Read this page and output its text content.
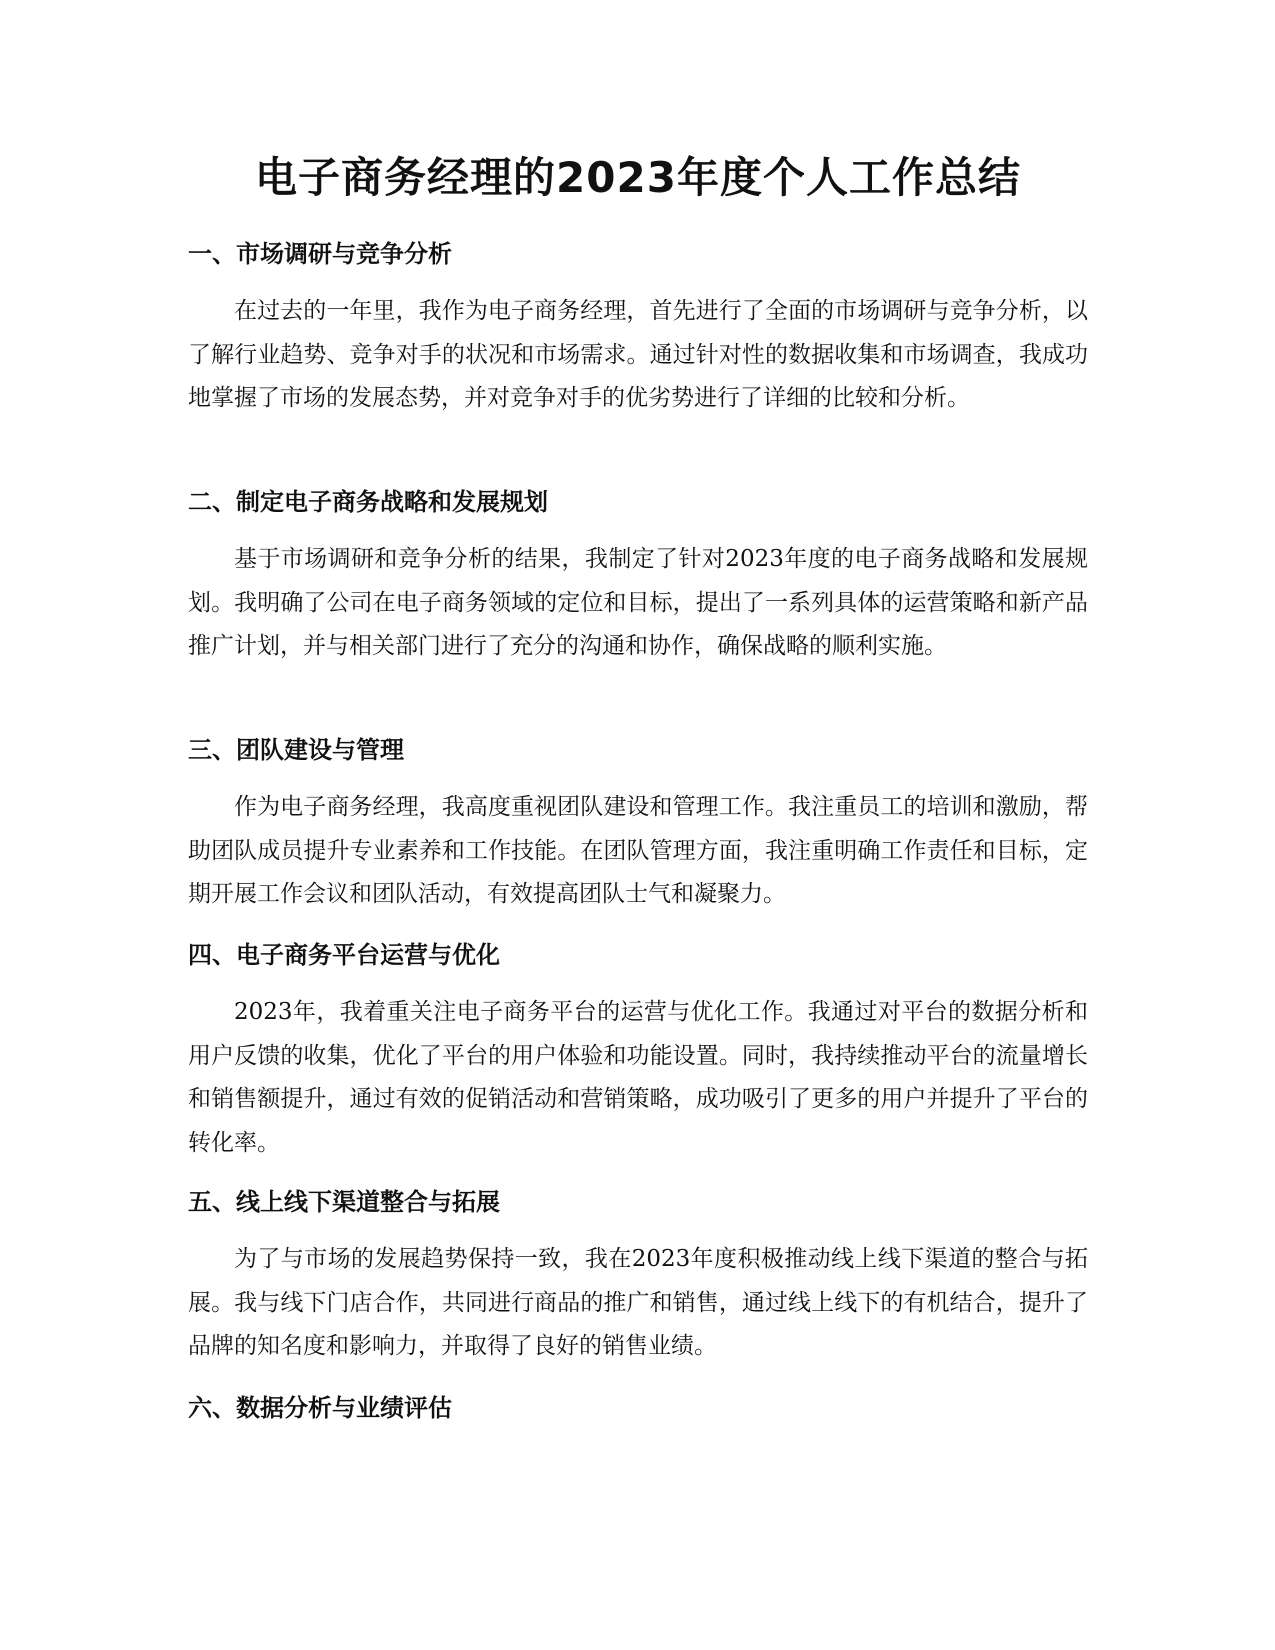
电子商务经理的2023年度个人工作总结
一、市场调研与竞争分析

在过去的一年里，我作为电子商务经理，首先进行了全面的市场调研与竞争分析，以了解行业趋势、竞争对手的状况和市场需求。通过针对性的数据收集和市场调查，我成功地掌握了市场的发展态势，并对竞争对手的优劣势进行了详细的比较和分析。

二、制定电子商务战略和发展规划

基于市场调研和竞争分析的结果，我制定了针对2023年度的电子商务战略和发展规划。我明确了公司在电子商务领域的定位和目标，提出了一系列具体的运营策略和新产品推广计划，并与相关部门进行了充分的沟通和协作，确保战略的顺利实施。

三、团队建设与管理

作为电子商务经理，我高度重视团队建设和管理工作。我注重员工的培训和激励，帮助团队成员提升专业素养和工作技能。在团队管理方面，我注重明确工作责任和目标，定期开展工作会议和团队活动，有效提高团队士气和凝聚力。

四、电子商务平台运营与优化

2023年，我着重关注电子商务平台的运营与优化工作。我通过对平台的数据分析和用户反馈的收集，优化了平台的用户体验和功能设置。同时，我持续推动平台的流量增长和销售额提升，通过有效的促销活动和营销策略，成功吸引了更多的用户并提升了平台的转化率。

五、线上线下渠道整合与拓展

为了与市场的发展趋势保持一致，我在2023年度积极推动线上线下渠道的整合与拓展。我与线下门店合作，共同进行商品的推广和销售，通过线上线下的有机结合，提升了品牌的知名度和影响力，并取得了良好的销售业绩。

六、数据分析与业绩评估
